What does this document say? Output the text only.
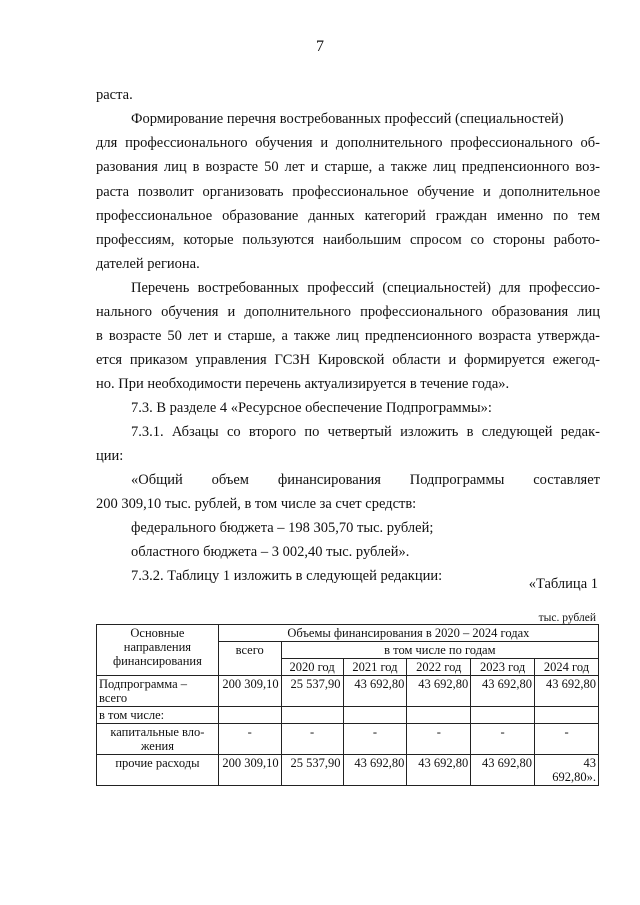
7
раста.
Формирование перечня востребованных профессий (специальностей)
для профессионального обучения и дополнительного профессионального об-
разования лиц в возрасте 50 лет и старше, а также лиц предпенсионного воз-
раста позволит организовать профессиональное обучение и дополнительное
профессиональное образование данных категорий граждан именно по тем
профессиям, которые пользуются наибольшим спросом со стороны работо-
дателей региона.
Перечень востребованных профессий (специальностей) для профессио-
нального обучения и дополнительного профессионального образования лиц
в возрасте 50 лет и старше, а также лиц предпенсионного возраста утвержда-
ется приказом управления ГСЗН Кировской области и формируется ежегод-
но. При необходимости перечень актуализируется в течение года».
7.3. В разделе 4 «Ресурсное обеспечение Подпрограммы»:
7.3.1. Абзацы со второго по четвертый изложить в следующей редак-
ции:
«Общий объем финансирования Подпрограммы составляет
200 309,10 тыс. рублей, в том числе за счет средств:
федерального бюджета – 198 305,70 тыс. рублей;
областного бюджета – 3 002,40 тыс. рублей».
7.3.2. Таблицу 1 изложить в следующей редакции:	«Таблица 1
тыс. рублей
Основные направления финансирования	Объемы финансирования в 2020 – 2024 годах					
	всего	в том числе по годам				
		2020 год	2021 год	2022 год	2023 год	2024 год
Подпрограмма – всего	200 309,10	25 537,90	43 692,80	43 692,80	43 692,80	43 692,80
в том числе:						
капитальные вло-жения	-	-	-	-	-	-
прочие расходы	200 309,10	25 537,90	43 692,80	43 692,80	43 692,80	43 692,80».
